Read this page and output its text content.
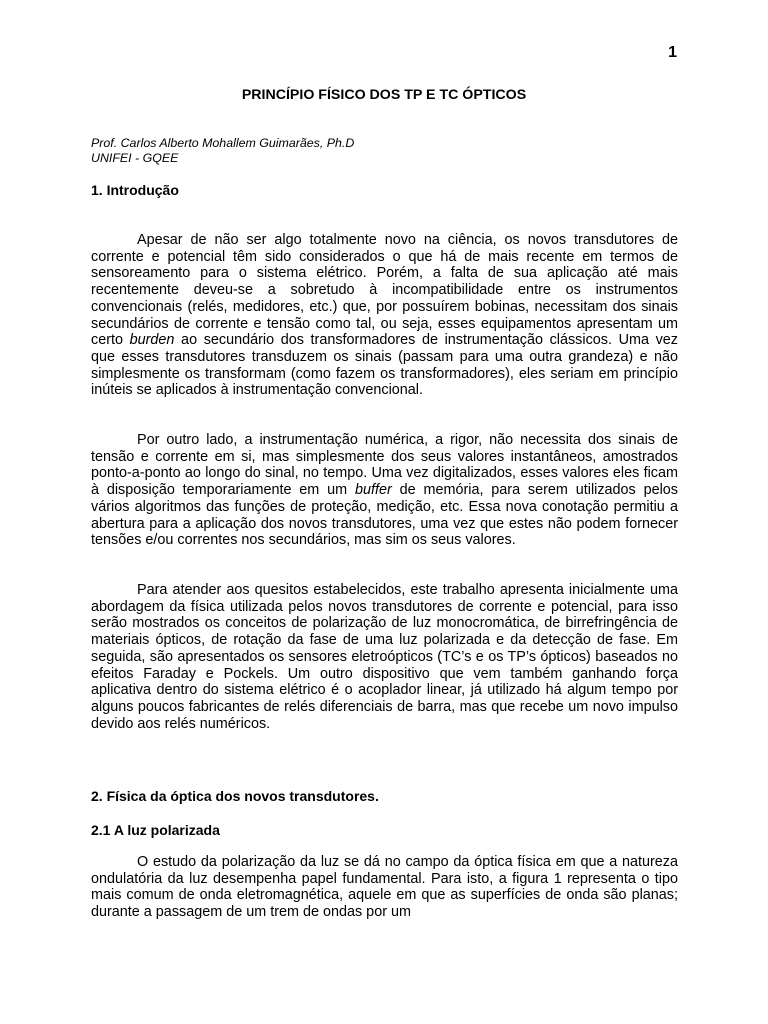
1
PRINCÍPIO FÍSICO DOS TP E TC ÓPTICOS
Prof. Carlos Alberto Mohallem Guimarães, Ph.D
UNIFEI - GQEE
1. Introdução

Apesar de não ser algo totalmente novo na ciência, os novos transdutores de corrente e potencial têm sido considerados o que há de mais recente em termos de sensoreamento para o sistema elétrico. Porém, a falta de sua aplicação até mais recentemente deveu-se a sobretudo à incompatibilidade entre os instrumentos convencionais (relés, medidores, etc.) que, por possuírem bobinas, necessitam dos sinais secundários de corrente e tensão como tal, ou seja, esses equipamentos apresentam um certo burden ao secundário dos transformadores de instrumentação clássicos. Uma vez que esses transdutores transduzem os sinais (passam para uma outra grandeza) e não simplesmente os transformam (como fazem os transformadores), eles seriam em princípio inúteis se aplicados à instrumentação convencional.

Por outro lado, a instrumentação numérica, a rigor, não necessita dos sinais de tensão e corrente em si, mas simplesmente dos seus valores instantâneos, amostrados ponto-a-ponto ao longo do sinal, no tempo. Uma vez digitalizados, esses valores eles ficam à disposição temporariamente em um buffer de memória, para serem utilizados pelos vários algoritmos das funções de proteção, medição, etc. Essa nova conotação permitiu a abertura para a aplicação dos novos transdutores, uma vez que estes não podem fornecer tensões e/ou correntes nos secundários, mas sim os seus valores.

Para atender aos quesitos estabelecidos, este trabalho apresenta inicialmente uma abordagem da física utilizada pelos novos transdutores de corrente e potencial, para isso serão mostrados os conceitos de polarização de luz monocromática, de birrefringência de materiais ópticos, de rotação da fase de uma luz polarizada e da detecção de fase. Em seguida, são apresentados os sensores eletroópticos (TC’s e os TP’s ópticos) baseados no efeitos Faraday e Pockels. Um outro dispositivo que vem também ganhando força aplicativa dentro do sistema elétrico é o acoplador linear, já utilizado há algum tempo por alguns poucos fabricantes de relés diferenciais de barra, mas que recebe um novo impulso devido aos relés numéricos.

2. Física da óptica dos novos transdutores.
2.1 A luz polarizada

O estudo da polarização da luz se dá no campo da óptica física em que a natureza ondulatória da luz desempenha papel fundamental. Para isto, a figura 1 representa o tipo mais comum de onda eletromagnética, aquele em que as superfícies de onda são planas; durante a passagem de um trem de ondas por um
